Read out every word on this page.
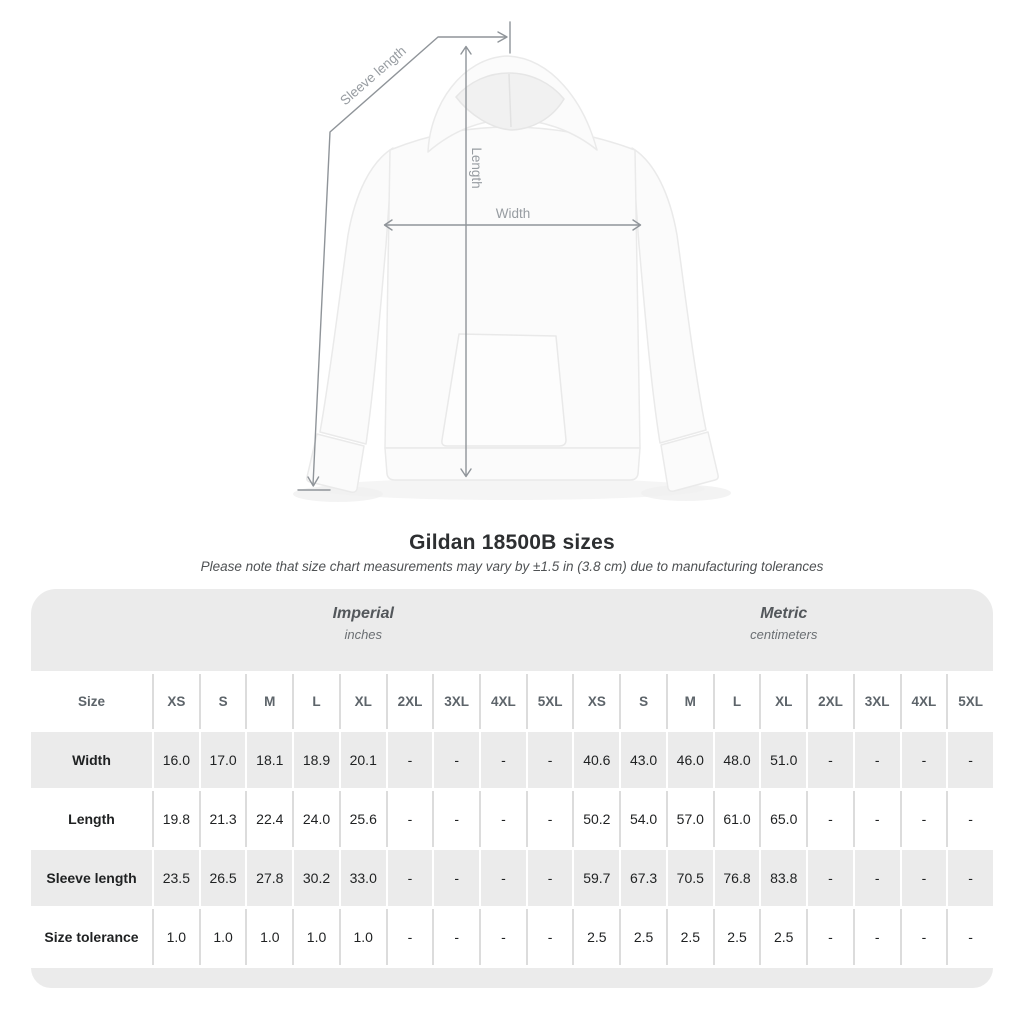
Sleeve length
Length
Width
Gildan 18500B sizes
Please note that size chart measurements may vary by ±1.5 in (3.8 cm) due to manufacturing tolerances
Imperial
inches
Metric
centimeters
Size	XS	S	M	L	XL	2XL	3XL	4XL	5XL	XS	S	M	L	XL	2XL	3XL	4XL	5XL
Width	16.0	17.0	18.1	18.9	20.1	-	-	-	-	40.6	43.0	46.0	48.0	51.0	-	-	-	-
Length	19.8	21.3	22.4	24.0	25.6	-	-	-	-	50.2	54.0	57.0	61.0	65.0	-	-	-	-
Sleeve length	23.5	26.5	27.8	30.2	33.0	-	-	-	-	59.7	67.3	70.5	76.8	83.8	-	-	-	-
Size tolerance	1.0	1.0	1.0	1.0	1.0	-	-	-	-	2.5	2.5	2.5	2.5	2.5	-	-	-	-
